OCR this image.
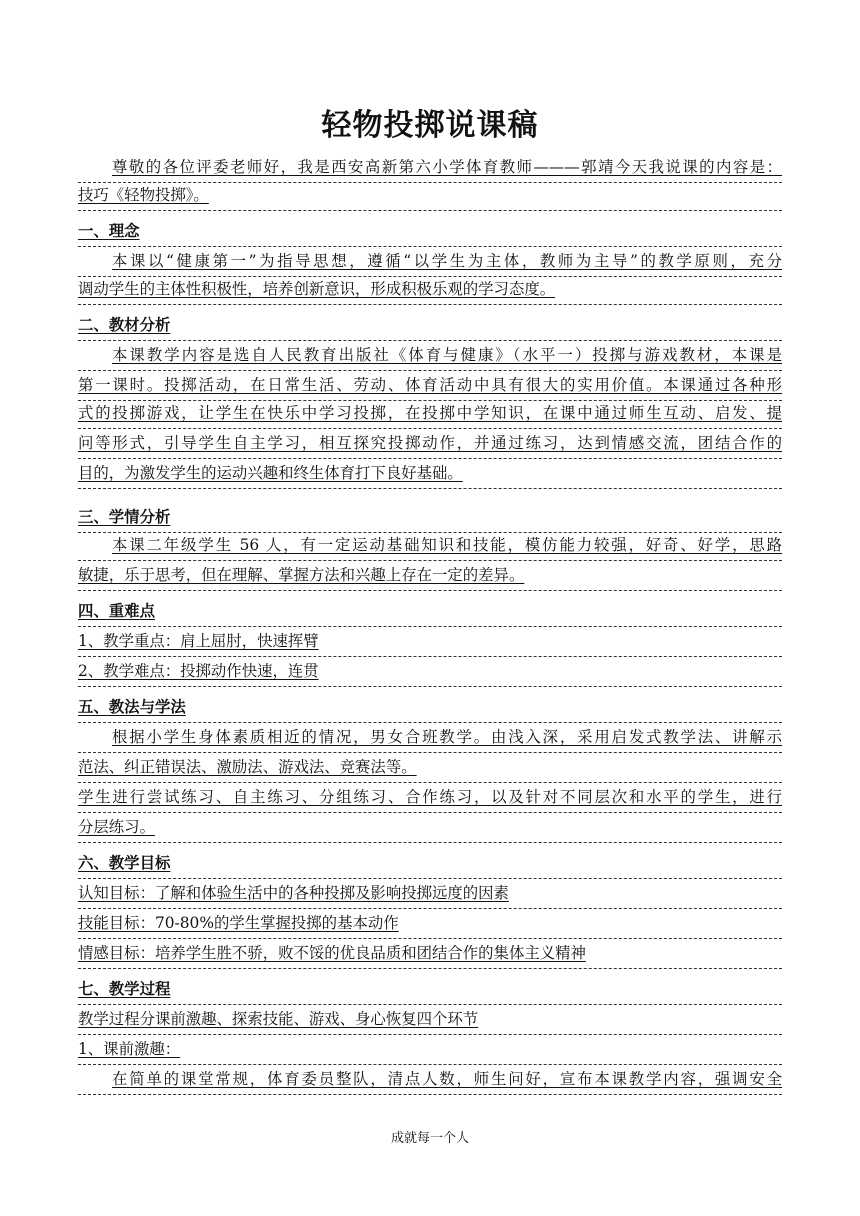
轻物投掷说课稿
尊敬的各位评委老师好，我是西安高新第六小学体育教师———郭靖今天我说课的内容是：
技巧《轻物投掷》。
一、理念
本课以“健康第一”为指导思想，遵循“以学生为主体，教师为主导”的教学原则，充分
调动学生的主体性积极性，培养创新意识，形成积极乐观的学习态度。
二、教材分析
本课教学内容是选自人民教育出版社《体育与健康》（水平一）投掷与游戏教材，本课是
第一课时。投掷活动，在日常生活、劳动、体育活动中具有很大的实用价值。本课通过各种形
式的投掷游戏，让学生在快乐中学习投掷，在投掷中学知识，在课中通过师生互动、启发、提
问等形式，引导学生自主学习，相互探究投掷动作，并通过练习，达到情感交流，团结合作的
目的，为激发学生的运动兴趣和终生体育打下良好基础。
三、学情分析
本课二年级学生 56 人，有一定运动基础知识和技能，模仿能力较强，好奇、好学，思路
敏捷，乐于思考，但在理解、掌握方法和兴趣上存在一定的差异。
四、重难点
1、教学重点：肩上屈肘，快速挥臂
2、教学难点：投掷动作快速，连贯
五、教法与学法
根据小学生身体素质相近的情况，男女合班教学。由浅入深，采用启发式教学法、讲解示
范法、纠正错误法、激励法、游戏法、竞赛法等。
学生进行尝试练习、自主练习、分组练习、合作练习，以及针对不同层次和水平的学生，进行
分层练习。
六、教学目标
认知目标：了解和体验生活中的各种投掷及影响投掷远度的因素
技能目标：70-80%的学生掌握投掷的基本动作
情感目标：培养学生胜不骄，败不馁的优良品质和团结合作的集体主义精神
七、教学过程
教学过程分课前激趣、探索技能、游戏、身心恢复四个环节
1、课前激趣：
在简单的课堂常规，体育委员整队，清点人数，师生问好，宣布本课教学内容，强调安全
成就每一个人
